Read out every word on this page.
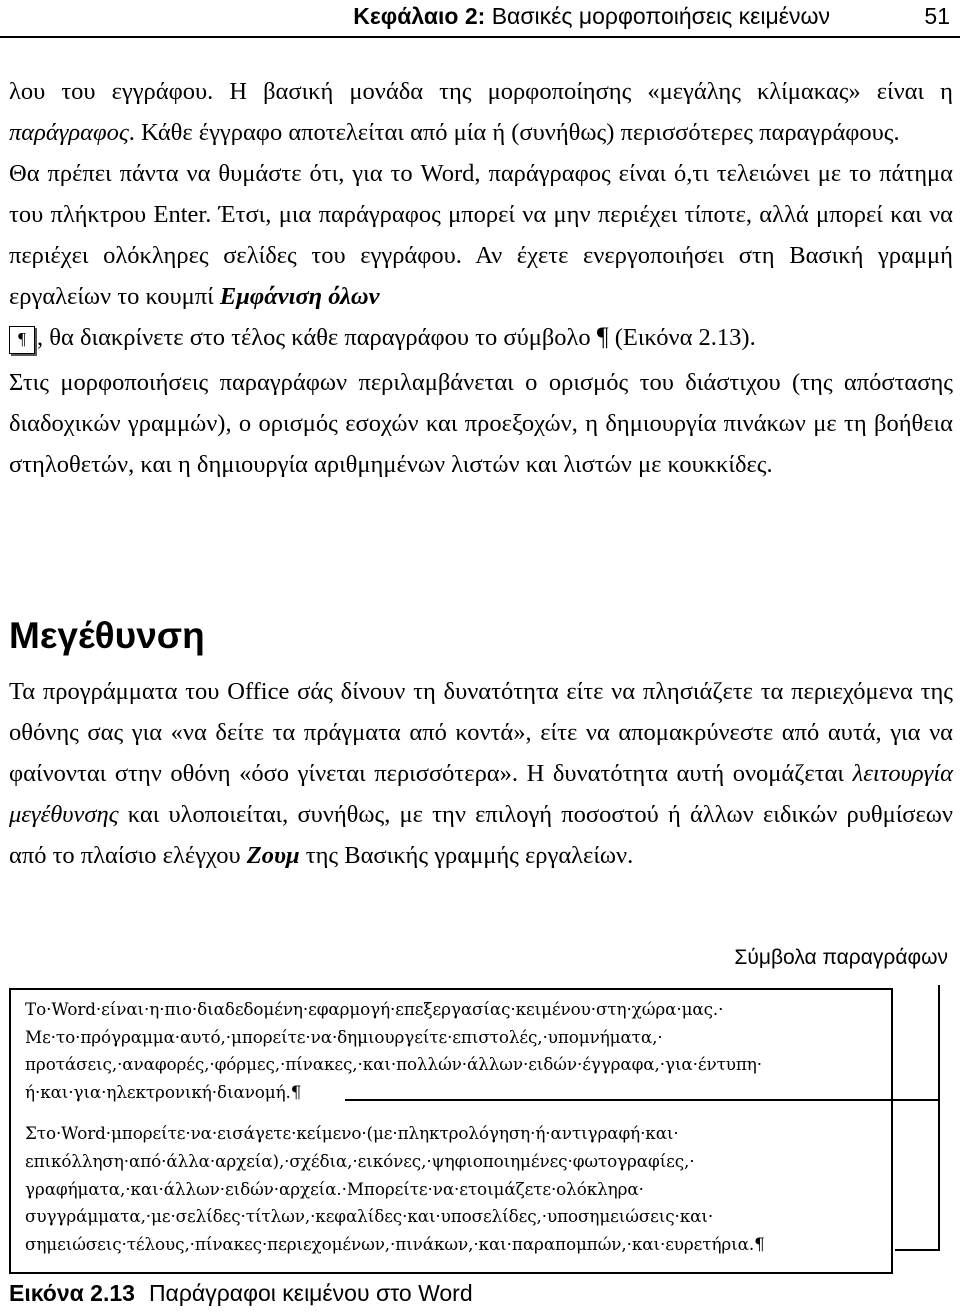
Κεφάλαιο 2: Βασικές μορφοποιήσεις κειμένων	51

λου του εγγράφου. Η βασική μονάδα της μορφοποίησης «μεγάλης κλίμακας» είναι η παράγραφος. Κάθε έγγραφο αποτελείται από μία ή (συνήθως) περισσότερες παραγράφους.

Θα πρέπει πάντα να θυμάστε ότι, για το Word, παράγραφος είναι ό,τι τελειώνει με το πάτημα του πλήκτρου Enter. Έτσι, μια παράγραφος μπορεί να μην περιέχει τίποτε, αλλά μπορεί και να περιέχει ολόκληρες σελίδες του εγγράφου. Αν έχετε ενεργοποιήσει στη Βασική γραμμή εργαλείων το κουμπί Εμφάνιση όλων
¶ , θα διακρίνετε στο τέλος κάθε παραγράφου το σύμβολο ¶ (Εικόνα 2.13).

Στις μορφοποιήσεις παραγράφων περιλαμβάνεται ο ορισμός του διάστιχου (της απόστασης διαδοχικών γραμμών), ο ορισμός εσοχών και προεξοχών, η δημιουργία πινάκων με τη βοήθεια στηλοθετών, και η δημιουργία αριθμημένων λιστών και λιστών με κουκκίδες.

Μεγέθυνση

Τα προγράμματα του Office σάς δίνουν τη δυνατότητα είτε να πλησιάζετε τα περιεχόμενα της οθόνης σας για «να δείτε τα πράγματα από κοντά», είτε να απομακρύνεστε από αυτά, για να φαίνονται στην οθόνη «όσο γίνεται περισσότερα». Η δυνατότητα αυτή ονομάζεται λειτουργία μεγέθυνσης και υλοποιείται, συνήθως, με την επιλογή ποσοστού ή άλλων ειδικών ρυθμίσεων από το πλαίσιο ελέγχου Ζουμ της Βασικής γραμμής εργαλείων.

Σύμβολα παραγράφων

Το·Word·είναι·η·πιο·διαδεδομένη·εφαρμογή·επεξεργασίας·κειμένου·στη·χώρα·μας.·
Με·το·πρόγραμμα·αυτό,·μπορείτε·να·δημιουργείτε·επιστολές,·υπομνήματα,·
προτάσεις,·αναφορές,·φόρμες,·πίνακες,·και·πολλών·άλλων·ειδών·έγγραφα,·για·έντυπη·
ή·και·για·ηλεκτρονική·διανομή.¶

Στο·Word·μπορείτε·να·εισάγετε·κείμενο·(με·πληκτρολόγηση·ή·αντιγραφή·και·
επικόλληση·από·άλλα·αρχεία),·σχέδια,·εικόνες,·ψηφιοποιημένες·φωτογραφίες,·
γραφήματα,·και·άλλων·ειδών·αρχεία.·Μπορείτε·να·ετοιμάζετε·ολόκληρα·
συγγράμματα,·με·σελίδες·τίτλων,·κεφαλίδες·και·υποσελίδες,·υποσημειώσεις·και·
σημειώσεις·τέλους,·πίνακες·περιεχομένων,·πινάκων,·και·παραπομπών,·και·ευρετήρια.¶

Εικόνα 2.13 Παράγραφοι κειμένου στο Word
